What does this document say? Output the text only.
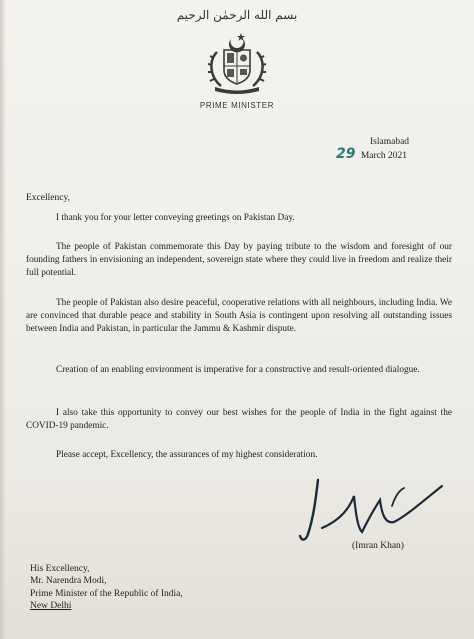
بسم الله الرحمٰن الرحيم
PRIME MINISTER
Islamabad
29 March 2021
Excellency,

I thank you for your letter conveying greetings on Pakistan Day.

The people of Pakistan commemorate this Day by paying tribute to the wisdom and foresight of our founding fathers in envisioning an independent, sovereign state where they could live in freedom and realize their full potential.

The people of Pakistan also desire peaceful, cooperative relations with all neighbours, including India. We are convinced that durable peace and stability in South Asia is contingent upon resolving all outstanding issues between India and Pakistan, in particular the Jammu & Kashmir dispute.

Creation of an enabling environment is imperative for a constructive and result-oriented dialogue.

I also take this opportunity to convey our best wishes for the people of India in the fight against the COVID-19 pandemic.

Please accept, Excellency, the assurances of my highest consideration.

(Imran Khan)
His Excellency,
Mr. Narendra Modi,
Prime Minister of the Republic of India,
New Delhi
